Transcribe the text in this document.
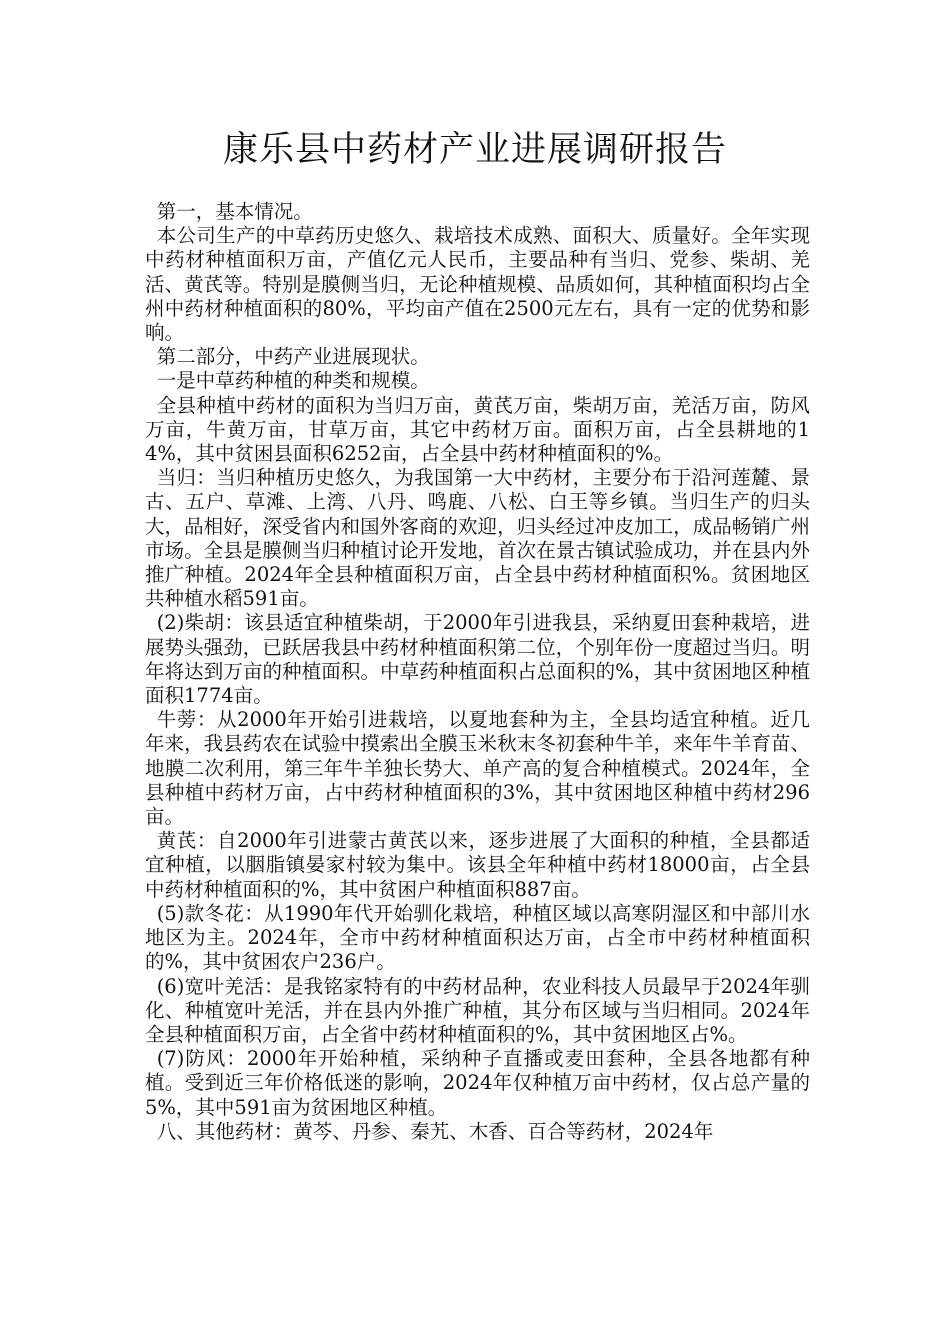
康乐县中药材产业进展调研报告

第一，基本情况。

本公司生产的中草药历史悠久、栽培技术成熟、面积大、质量好。全年实现中药材种植面积万亩，产值亿元人民币，主要品种有当归、党参、柴胡、羌活、黄芪等。特别是膜侧当归，无论种植规模、品质如何，其种植面积均占全州中药材种植面积的80%，平均亩产值在2500元左右，具有一定的优势和影响。

第二部分，中药产业进展现状。

一是中草药种植的种类和规模。

全县种植中药材的面积为当归万亩，黄芪万亩，柴胡万亩，羌活万亩，防风万亩，牛黄万亩，甘草万亩，其它中药材万亩。面积万亩，占全县耕地的14%，其中贫困县面积6252亩，占全县中药材种植面积的%。

当归：当归种植历史悠久，为我国第一大中药材，主要分布于沿河莲麓、景古、五户、草滩、上湾、八丹、鸣鹿、八松、白王等乡镇。当归生产的归头大，品相好，深受省内和国外客商的欢迎，归头经过冲皮加工，成品畅销广州市场。全县是膜侧当归种植讨论开发地，首次在景古镇试验成功，并在县内外推广种植。2024年全县种植面积万亩，占全县中药材种植面积%。贫困地区共种植水稻591亩。

(2)柴胡：该县适宜种植柴胡，于2000年引进我县，采纳夏田套种栽培，进展势头强劲，已跃居我县中药材种植面积第二位，个别年份一度超过当归。明年将达到万亩的种植面积。中草药种植面积占总面积的%，其中贫困地区种植面积1774亩。

牛蒡：从2000年开始引进栽培，以夏地套种为主，全县均适宜种植。近几年来，我县药农在试验中摸索出全膜玉米秋末冬初套种牛羊，来年牛羊育苗、地膜二次利用，第三年牛羊独长势大、单产高的复合种植模式。2024年，全县种植中药材万亩，占中药材种植面积的3%，其中贫困地区种植中药材296亩。

黄芪：自2000年引进蒙古黄芪以来，逐步进展了大面积的种植，全县都适宜种植，以胭脂镇晏家村较为集中。该县全年种植中药材18000亩，占全县中药材种植面积的%，其中贫困户种植面积887亩。

(5)款冬花：从1990年代开始驯化栽培，种植区域以高寒阴湿区和中部川水地区为主。2024年，全市中药材种植面积达万亩，占全市中药材种植面积的%，其中贫困农户236户。

(6)宽叶羌活：是我铭家特有的中药材品种，农业科技人员最早于2024年驯化、种植宽叶羌活，并在县内外推广种植，其分布区域与当归相同。2024年全县种植面积万亩，占全省中药材种植面积的%，其中贫困地区占%。

(7)防风：2000年开始种植，采纳种子直播或麦田套种，全县各地都有种植。受到近三年价格低迷的影响，2024年仅种植万亩中药材，仅占总产量的5%，其中591亩为贫困地区种植。

八、其他药材：黄芩、丹参、秦艽、木香、百合等药材，2024年
